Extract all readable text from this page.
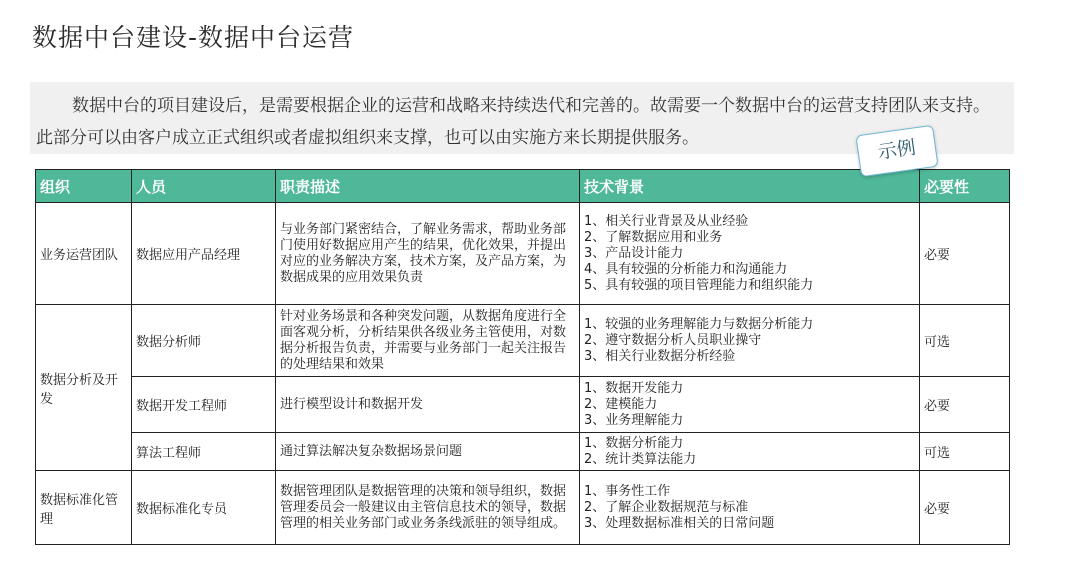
数据中台建设-数据中台运营
数据中台的项目建设后，是需要根据企业的运营和战略来持续迭代和完善的。故需要一个数据中台的运营支持团队来支持。此部分可以由客户成立正式组织或者虚拟组织来支撑，也可以由实施方来长期提供服务。
组织	人员	职责描述	技术背景	必要性
业务运营团队	数据应用产品经理	与业务部门紧密结合，了解业务需求，帮助业务部门使用好数据应用产生的结果，优化效果，并提出对应的业务解决方案，技术方案，及产品方案，为数据成果的应用效果负责	1、相关行业背景及从业经验
2、了解数据应用和业务
3、产品设计能力
4、具有较强的分析能力和沟通能力
5、具有较强的项目管理能力和组织能力	必要
数据分析及开发	数据分析师	针对业务场景和各种突发问题，从数据角度进行全面客观分析，分析结果供各级业务主管使用，对数据分析报告负责，并需要与业务部门一起关注报告的处理结果和效果	1、较强的业务理解能力与数据分析能力
2、遵守数据分析人员职业操守
3、相关行业数据分析经验	可选
	数据开发工程师	进行模型设计和数据开发	1、数据开发能力
2、建模能力
3、业务理解能力	必要
	算法工程师	通过算法解决复杂数据场景问题	1、数据分析能力
2、统计类算法能力	可选
数据标准化管理	数据标准化专员	数据管理团队是数据管理的决策和领导组织，数据管理委员会一般建议由主管信息技术的领导，数据管理的相关业务部门或业务条线派驻的领导组成。	1、事务性工作
2、了解企业数据规范与标准
3、处理数据标准相关的日常问题	必要
示例
